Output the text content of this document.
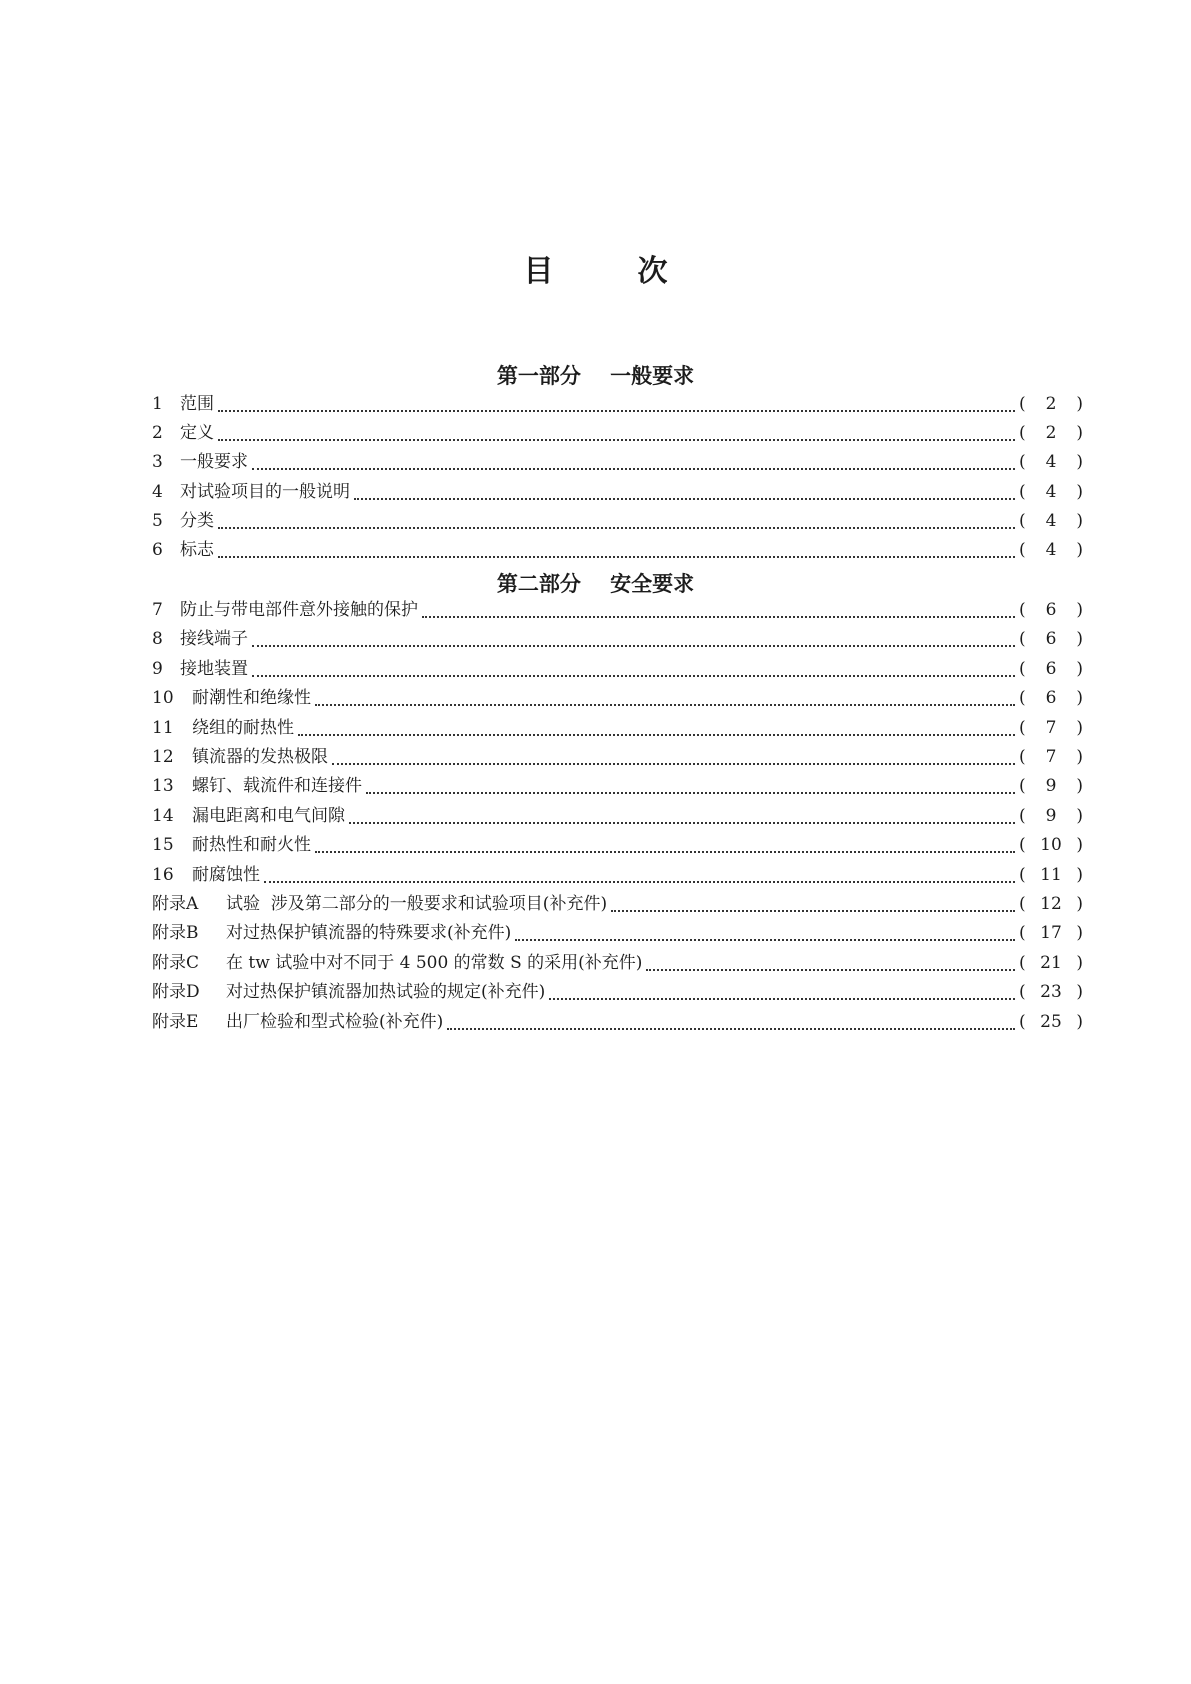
目次
第一部分    一般要求
1	范围	(	2	)
2	定义	(	2	)
3	一般要求	(	4	)
4	对试验项目的一般说明	(	4	)
5	分类	(	4	)
6	标志	(	4	)
第二部分    安全要求
7	防止与带电部件意外接触的保护	(	6	)
8	接线端子	(	6	)
9	接地装置	(	6	)
10	耐潮性和绝缘性	(	6	)
11	绕组的耐热性	(	7	)
12	镇流器的发热极限	(	7	)
13	螺钉、载流件和连接件	(	9	)
14	漏电距离和电气间隙	(	9	)
15	耐热性和耐火性	( 10 )
16	耐腐蚀性	( 11 )
附录A	试验  涉及第二部分的一般要求和试验项目(补充件)	( 12 )
附录B	对过热保护镇流器的特殊要求(补充件)	( 17 )
附录C	在 tw 试验中对不同于 4 500 的常数 S 的采用(补充件)	( 21 )
附录D	对过热保护镇流器加热试验的规定(补充件)	( 23 )
附录E	出厂检验和型式检验(补充件)	( 25 )
